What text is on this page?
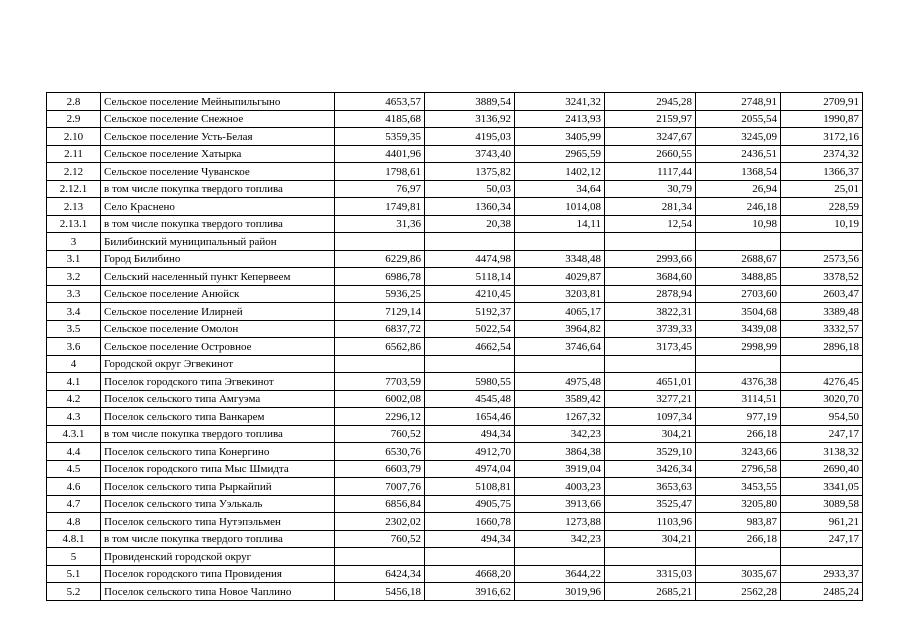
2.8	Сельское поселение Мейныпильгыно	4653,57	3889,54	3241,32	2945,28	2748,91	2709,91
2.9	Сельское поселение Снежное	4185,68	3136,92	2413,93	2159,97	2055,54	1990,87
2.10	Сельское поселение Усть-Белая	5359,35	4195,03	3405,99	3247,67	3245,09	3172,16
2.11	Сельское поселение Хатырка	4401,96	3743,40	2965,59	2660,55	2436,51	2374,32
2.12	Сельское поселение Чуванское	1798,61	1375,82	1402,12	1117,44	1368,54	1366,37
2.12.1	в том числе покупка твердого топлива	76,97	50,03	34,64	30,79	26,94	25,01
2.13	Село Краснено	1749,81	1360,34	1014,08	281,34	246,18	228,59
2.13.1	в том числе покупка твердого топлива	31,36	20,38	14,11	12,54	10,98	10,19
3	Билибинский муниципальный район						
3.1	Город Билибино	6229,86	4474,98	3348,48	2993,66	2688,67	2573,56
3.2	Сельский населенный пункт Кепервеем	6986,78	5118,14	4029,87	3684,60	3488,85	3378,52
3.3	Сельское поселение Анюйск	5936,25	4210,45	3203,81	2878,94	2703,60	2603,47
3.4	Сельское поселение Илирней	7129,14	5192,37	4065,17	3822,31	3504,68	3389,48
3.5	Сельское поселение Омолон	6837,72	5022,54	3964,82	3739,33	3439,08	3332,57
3.6	Сельское поселение Островное	6562,86	4662,54	3746,64	3173,45	2998,99	2896,18
4	Городской округ Эгвекинот						
4.1	Поселок городского типа Эгвекинот	7703,59	5980,55	4975,48	4651,01	4376,38	4276,45
4.2	Поселок сельского типа Амгуэма	6002,08	4545,48	3589,42	3277,21	3114,51	3020,70
4.3	Поселок сельского типа Ванкарем	2296,12	1654,46	1267,32	1097,34	977,19	954,50
4.3.1	в том числе покупка твердого топлива	760,52	494,34	342,23	304,21	266,18	247,17
4.4	Поселок сельского типа Конергино	6530,76	4912,70	3864,38	3529,10	3243,66	3138,32
4.5	Поселок городского типа Мыс Шмидта	6603,79	4974,04	3919,04	3426,34	2796,58	2690,40
4.6	Поселок сельского типа Рыркайпий	7007,76	5108,81	4003,23	3653,63	3453,55	3341,05
4.7	Поселок сельского типа Уэлькаль	6856,84	4905,75	3913,66	3525,47	3205,80	3089,58
4.8	Поселок сельского типа Нутэпэльмен	2302,02	1660,78	1273,88	1103,96	983,87	961,21
4.8.1	в том числе покупка твердого топлива	760,52	494,34	342,23	304,21	266,18	247,17
5	Провиденский городской округ						
5.1	Поселок городского типа Провидения	6424,34	4668,20	3644,22	3315,03	3035,67	2933,37
5.2	Поселок сельского типа Новое Чаплино	5456,18	3916,62	3019,96	2685,21	2562,28	2485,24
